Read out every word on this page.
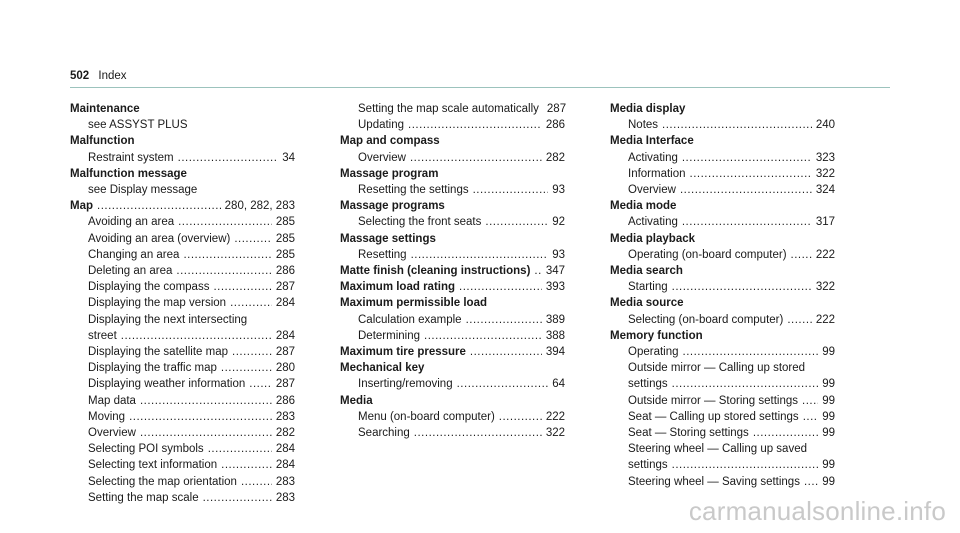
502 Index
Maintenance
see ASSYST PLUS
Malfunction
Restraint system .....	34
Malfunction message
see Display message
Map .....	280, 282, 283
Avoiding an area .....	285
Avoiding an area (overview) .....	285
Changing an area .....	285
Deleting an area .....	286
Displaying the compass .....	287
Displaying the map version .....	284
Displaying the next intersecting
street .....	284
Displaying the satellite map .....	287
Displaying the traffic map .....	280
Displaying weather information .....	287
Map data .....	286
Moving .....	283
Overview .....	282
Selecting POI symbols .....	284
Selecting text information .....	284
Selecting the map orientation .....	283
Setting the map scale .....	283
Setting the map scale automatically 287
Updating .....	286
Map and compass
Overview .....	282
Massage program
Resetting the settings .....	93
Massage programs
Selecting the front seats .....	92
Massage settings
Resetting .....	93
Matte finish (cleaning instructions) ..... 347
Maximum load rating .....	393
Maximum permissible load
Calculation example .....	389
Determining .....	388
Maximum tire pressure .....	394
Mechanical key
Inserting/removing .....	64
Media
Menu (on-board computer) .....	222
Searching .....	322
Media display
Notes .....	240
Media Interface
Activating .....	323
Information .....	322
Overview .....	324
Media mode
Activating .....	317
Media playback
Operating (on-board computer) .....	222
Media search
Starting .....	322
Media source
Selecting (on-board computer) .....	222
Memory function
Operating .....	99
Outside mirror — Calling up stored
settings .....	99
Outside mirror — Storing settings ..... 99
Seat — Calling up stored settings ..... 99
Seat — Storing settings .....	99
Steering wheel — Calling up saved
settings .....	99
Steering wheel — Saving settings ..... 99
carmanualsonline.info
